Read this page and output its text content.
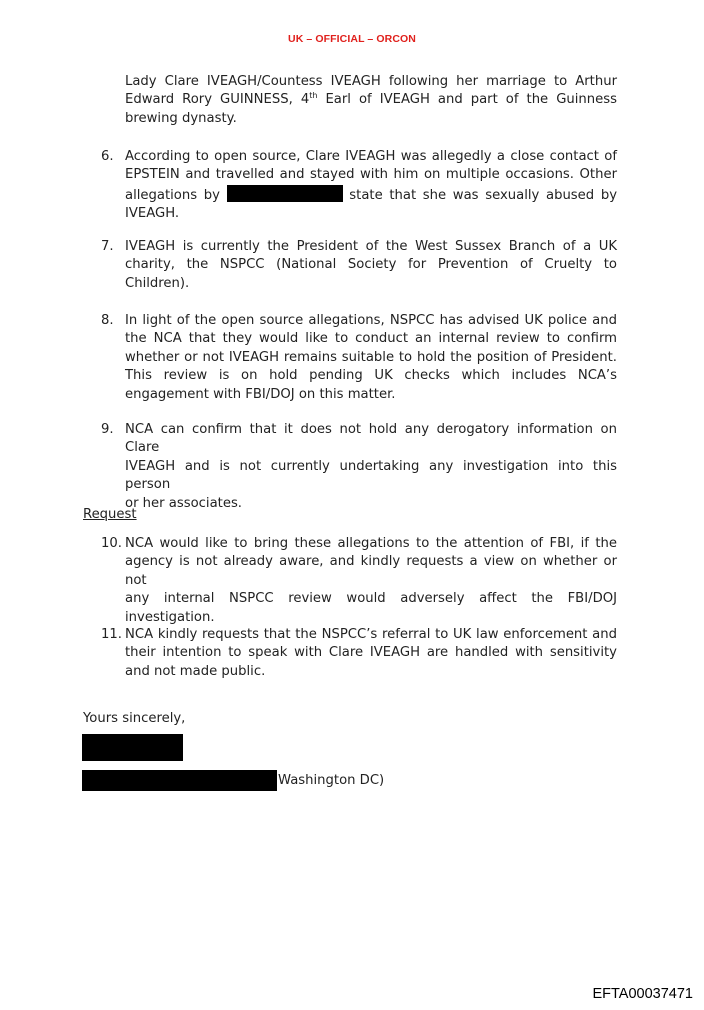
UK – OFFICIAL – ORCON
Lady Clare IVEAGH/Countess IVEAGH following her marriage to Arthur
Edward Rory GUINNESS, 4th Earl of IVEAGH and part of the Guinness
brewing dynasty.
6. According to open source, Clare IVEAGH was allegedly a close contact of
EPSTEIN and travelled and stayed with him on multiple occasions. Other
allegations by	state that she was sexually abused by
IVEAGH.
7. IVEAGH is currently the President of the West Sussex Branch of a UK
charity, the NSPCC (National Society for Prevention of Cruelty to
Children).
8. In light of the open source allegations, NSPCC has advised UK police and
the NCA that they would like to conduct an internal review to confirm
whether or not IVEAGH remains suitable to hold the position of President.
This review is on hold pending UK checks which includes NCA’s
engagement with FBI/DOJ on this matter.
9. NCA can confirm that it does not hold any derogatory information on Clare
IVEAGH and is not currently undertaking any investigation into this person
or her associates.
Request
10. NCA would like to bring these allegations to the attention of FBI, if the
agency is not already aware, and kindly requests a view on whether or not
any internal NSPCC review would adversely affect the FBI/DOJ
investigation.
11. NCA kindly requests that the NSPCC’s referral to UK law enforcement and
their intention to speak with Clare IVEAGH are handled with sensitivity
and not made public.
Yours sincerely,
Washington DC)
EFTA00037471
